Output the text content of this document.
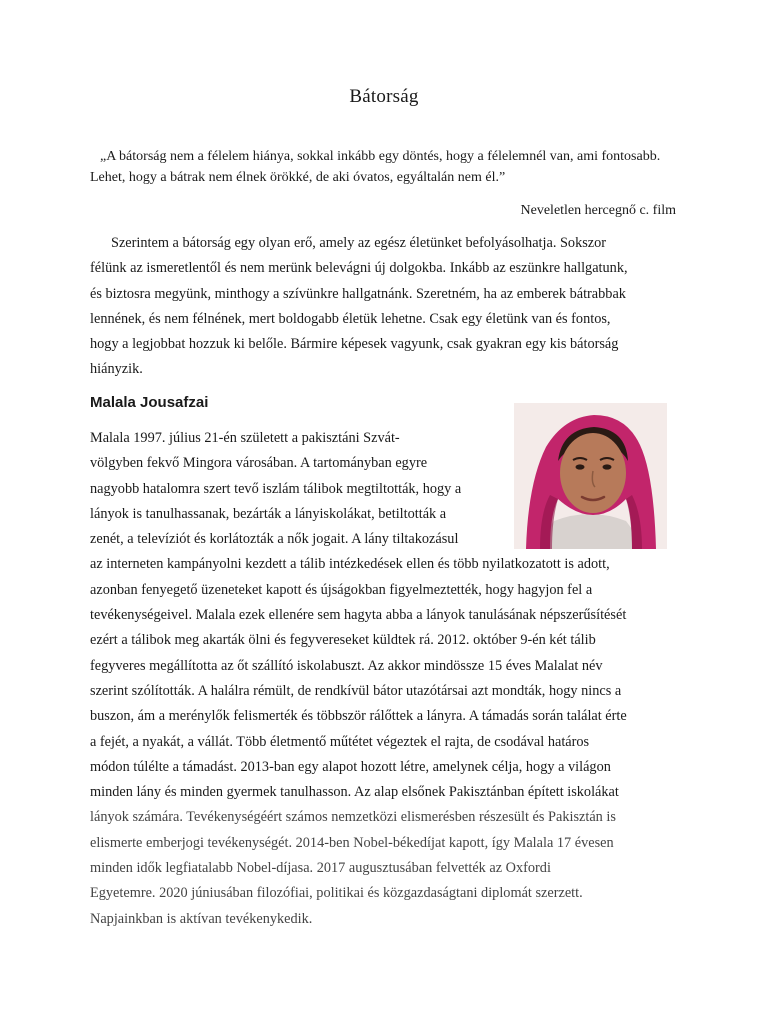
Bátorság
„A bátorság nem a félelem hiánya, sokkal inkább egy döntés, hogy a félelemnél van, ami fontosabb.
Lehet, hogy a bátrak nem élnek örökké, de aki óvatos, egyáltalán nem él.”
Neveletlen hercegnő c. film
Szerintem a bátorság egy olyan erő, amely az egész életünket befolyásolhatja. Sokszor
félünk az ismeretlentől és nem merünk belevágni új dolgokba. Inkább az eszünkre hallgatunk,
és biztosra megyünk, minthogy a szívünkre hallgatnánk. Szeretném, ha az emberek bátrabbak
lennének, és nem félnének, mert boldogabb életük lehetne. Csak egy életünk van és fontos,
hogy a legjobbat hozzuk ki belőle. Bármire képesek vagyunk, csak gyakran egy kis bátorság
hiányzik.
Malala Jousafzai
Malala 1997. július 21-én született a pakisztáni Szvát-
völgyben fekvő Mingora városában. A tartományban egyre
nagyobb hatalomra szert tevő iszlám tálibok megtiltották, hogy a
lányok is tanulhassanak, bezárták a lányiskolákat, betiltották a
zenét, a televíziót és korlátozták a nők jogait. A lány tiltakozásul
az interneten kampányolni kezdett a tálib intézkedések ellen és több nyilatkozatott is adott,
azonban fenyegető üzeneteket kapott és újságokban figyelmeztették, hogy hagyjon fel a
tevékenységeivel. Malala ezek ellenére sem hagyta abba a lányok tanulásának népszerűsítését
ezért a tálibok meg akarták ölni és fegyvereseket küldtek rá. 2012. október 9-én két tálib
fegyveres megállította az őt szállító iskolabuszt. Az akkor mindössze 15 éves Malalat név
szerint szólították. A halálra rémült, de rendkívül bátor utazótársai azt mondták, hogy nincs a
buszon, ám a merénylők felismerték és többször rálőttek a lányra. A támadás során találat érte
a fejét, a nyakát, a vállát. Több életmentő műtétet végeztek el rajta, de csodával határos
módon túlélte a támadást. 2013-ban egy alapot hozott létre, amelynek célja, hogy a világon
minden lány és minden gyermek tanulhasson. Az alap elsőnek Pakisztánban épített iskolákat
lányok számára. Tevékenységéért számos nemzetközi elismerésben részesült és Pakisztán is
elismerte emberjogi tevékenységét. 2014-ben Nobel-békedíjat kapott, így Malala 17 évesen
minden idők legfiatalabb Nobel-díjasa. 2017 augusztusában felvették az Oxfordi
Egyetemre. 2020 júniusában filozófiai, politikai és közgazdaságtani diplomát szerzett.
Napjainkban is aktívan tevékenykedik.
